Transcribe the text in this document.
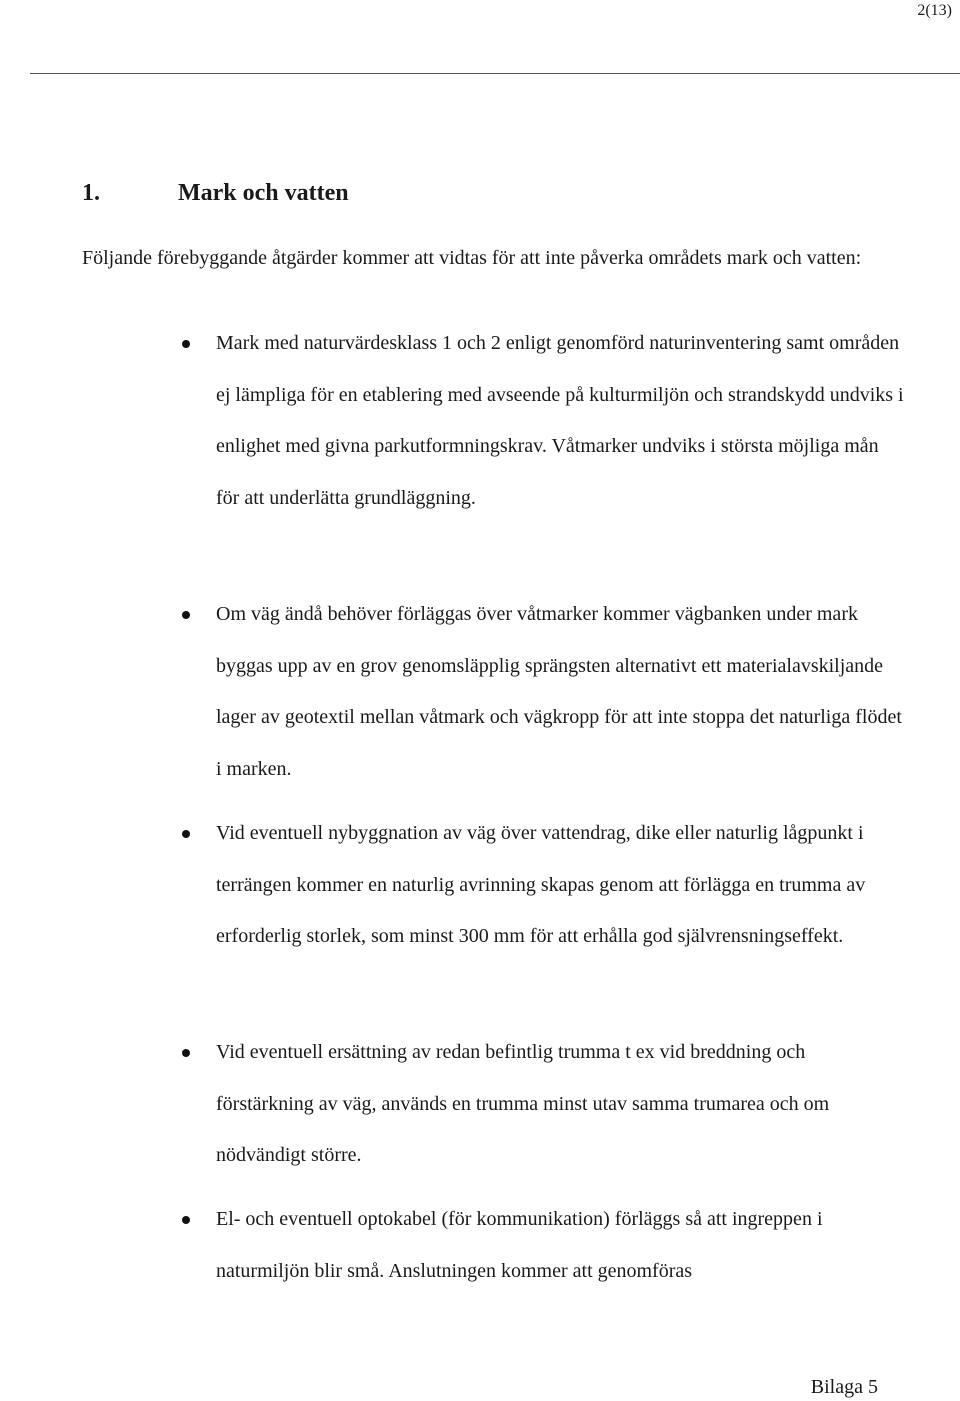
2(13)
1.	Mark och vatten

Följande förebyggande åtgärder kommer att vidtas för att inte påverka områdets mark och vatten:

Mark med naturvärdesklass 1 och 2 enligt genomförd naturinventering samt områden ej lämpliga för en etablering med avseende på kulturmiljön och strandskydd undviks i enlighet med givna parkutformningskrav. Våtmarker undviks i största möjliga mån för att underlätta grundläggning.
Om väg ändå behöver förläggas över våtmarker kommer vägbanken under mark byggas upp av en grov genomsläpplig sprängsten alternativt ett materialavskiljande lager av geotextil mellan våtmark och vägkropp för att inte stoppa det naturliga flödet i marken.
Vid eventuell nybyggnation av väg över vattendrag, dike eller naturlig lågpunkt i terrängen kommer en naturlig avrinning skapas genom att förlägga en trumma av erforderlig storlek, som minst 300 mm för att erhålla god självrensningseffekt.
Vid eventuell ersättning av redan befintlig trumma t ex vid breddning och förstärkning av väg, används en trumma minst utav samma trumarea och om nödvändigt större.
El- och eventuell optokabel (för kommunikation) förläggs så att ingreppen i naturmiljön blir små. Anslutningen kommer att genomföras
Bilaga 5
